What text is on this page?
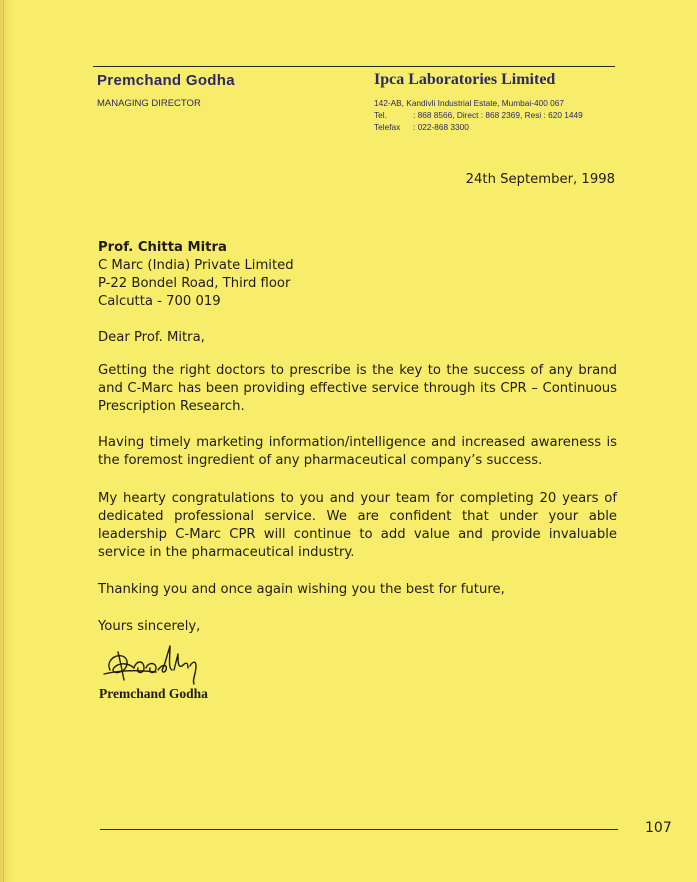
Premchand Godha
MANAGING DIRECTOR
Ipca Laboratories Limited
142-AB, Kandivli Industrial Estate, Mumbai-400 067
Tel.	: 868 8566, Direct : 868 2369, Resi : 620 1449
Telefax	: 022-868 3300
24th September, 1998
Prof. Chitta Mitra
C Marc (India) Private Limited
P-22 Bondel Road, Third floor
Calcutta - 700 019
Dear Prof. Mitra,
Getting the right doctors to prescribe is the key to the success of any brand and C-Marc has been providing effective service through its CPR – Continuous Prescription Research.
Having timely marketing information/intelligence and increased awareness is the foremost ingredient of any pharmaceutical company’s success.
My hearty congratulations to you and your team for completing 20 years of dedicated professional service. We are confident that under your able leadership C-Marc CPR will continue to add value and provide invaluable service in the pharmaceutical industry.
Thanking you and once again wishing you the best for future,
Yours sincerely,
Premchand Godha
107
